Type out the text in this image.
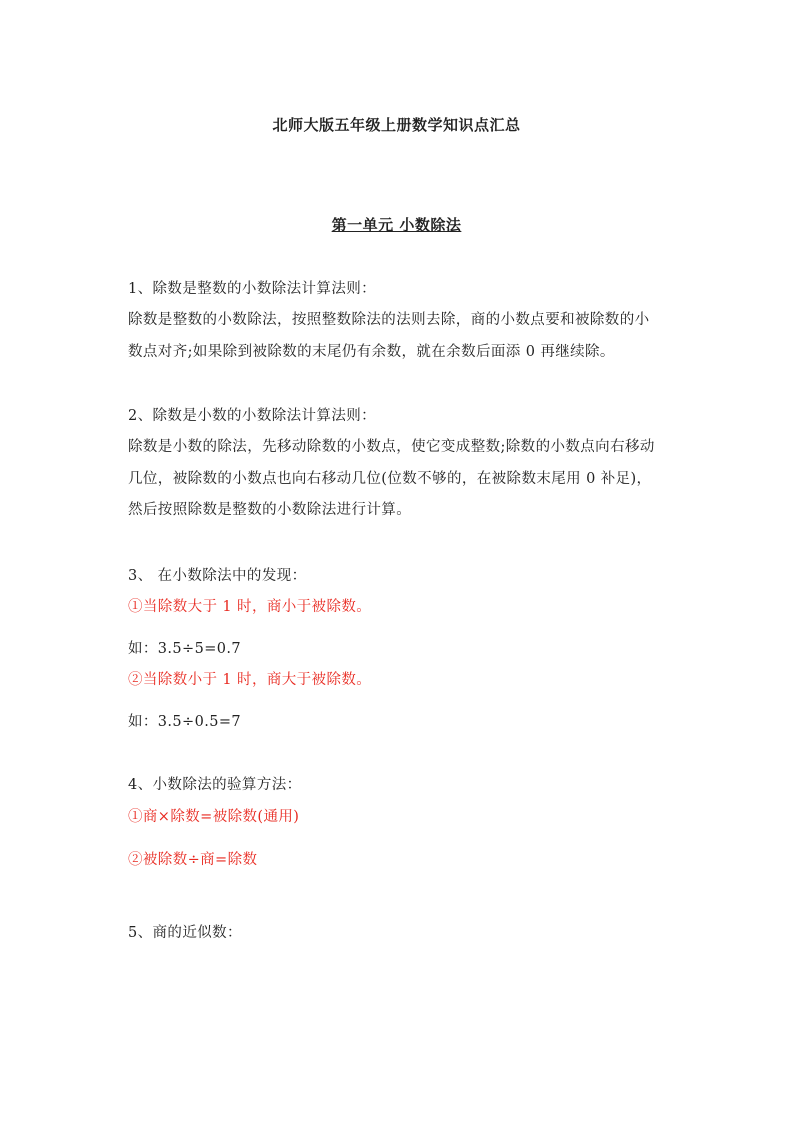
北师大版五年级上册数学知识点汇总
第一单元 小数除法
1、除数是整数的小数除法计算法则：
除数是整数的小数除法，按照整数除法的法则去除，商的小数点要和被除数的小
数点对齐;如果除到被除数的末尾仍有余数，就在余数后面添 0 再继续除。
2、除数是小数的小数除法计算法则：
除数是小数的除法，先移动除数的小数点，使它变成整数;除数的小数点向右移动
几位，被除数的小数点也向右移动几位(位数不够的，在被除数末尾用 0 补足)，
然后按照除数是整数的小数除法进行计算。
3、 在小数除法中的发现：
①当除数大于 1 时，商小于被除数。
如：3.5÷5=0.7
②当除数小于 1 时，商大于被除数。
如：3.5÷0.5=7
4、小数除法的验算方法：
①商×除数=被除数(通用)
②被除数÷商=除数
5、商的近似数：
